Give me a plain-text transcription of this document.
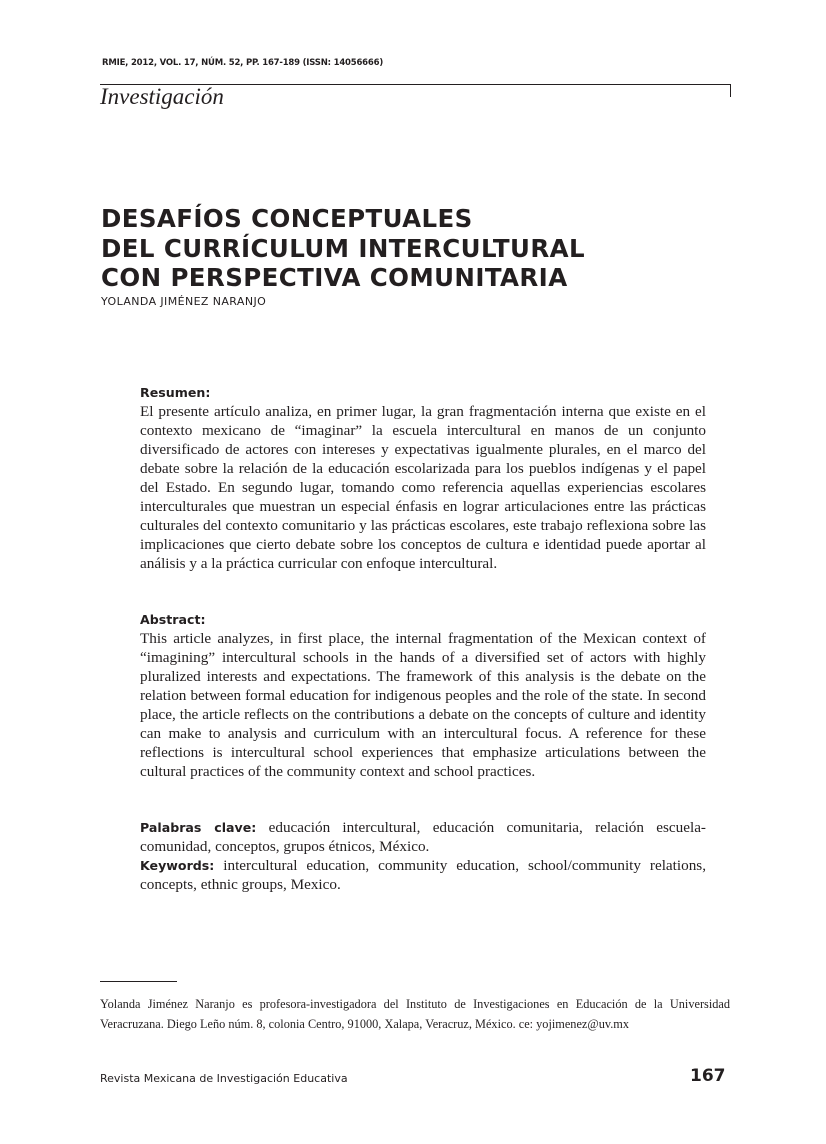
RMIE, 2012, VOL. 17, NÚM. 52, PP. 167-189 (ISSN: 14056666)
Investigación
DESAFÍOS CONCEPTUALES
DEL CURRÍCULUM INTERCULTURAL
CON PERSPECTIVA COMUNITARIA
YOLANDA JIMÉNEZ NARANJO
Resumen:
El presente artículo analiza, en primer lugar, la gran fragmentación interna que existe en el contexto mexicano de “imaginar” la escuela intercultural en manos de un conjunto diversificado de actores con intereses y expectativas igualmente plurales, en el marco del debate sobre la relación de la educación escolarizada para los pueblos indígenas y el papel del Estado. En segundo lugar, tomando como referencia aquellas experiencias escolares interculturales que muestran un especial énfasis en lograr articulaciones entre las prácticas culturales del contexto comunitario y las prácticas escolares, este trabajo reflexiona sobre las implicaciones que cierto debate sobre los conceptos de cultura e identidad puede aportar al análisis y a la práctica curricular con enfoque intercultural.
Abstract:
This article analyzes, in first place, the internal fragmentation of the Mexican context of “imagining” intercultural schools in the hands of a diversified set of actors with highly pluralized interests and expectations. The framework of this analysis is the debate on the relation between formal education for indigenous peoples and the role of the state. In second place, the article reflects on the contributions a debate on the concepts of culture and identity can make to analysis and curriculum with an intercultural focus. A reference for these reflections is intercultural school experiences that emphasize articulations between the cultural practices of the community context and school practices.
Palabras clave: educación intercultural, educación comunitaria, relación escuela-comunidad, conceptos, grupos étnicos, México.
Keywords: intercultural education, community education, school/community relations, concepts, ethnic groups, Mexico.
Yolanda Jiménez Naranjo es profesora-investigadora del Instituto de Investigaciones en Educación de la Universidad Veracruzana. Diego Leño núm. 8, colonia Centro, 91000, Xalapa, Veracruz, México. ce: yojimenez@uv.mx
Revista Mexicana de Investigación Educativa	167
